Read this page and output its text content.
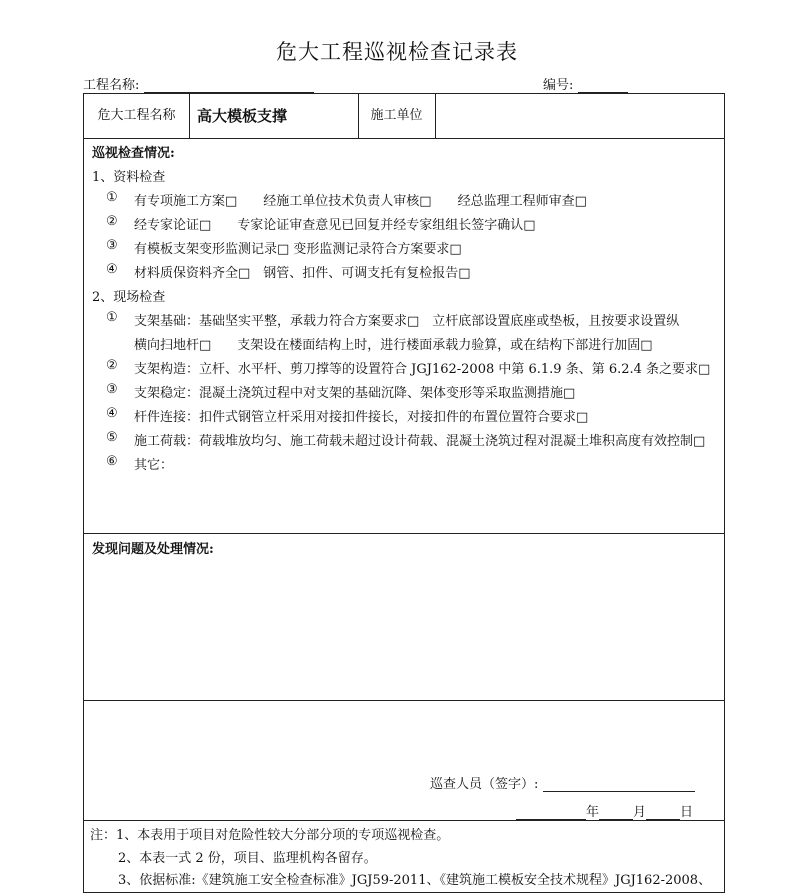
危大工程巡视检查记录表
工程名称:	编号:
危大工程名称	高大模板支撑	施工单位
巡视检查情况:
1、资料检查
① 有专项施工方案□　　经施工单位技术负责人审核□　　经总监理工程师审查□
② 经专家论证□　　专家论证审查意见已回复并经专家组组长签字确认□
③ 有模板支架变形监测记录□ 变形监测记录符合方案要求□
④ 材料质保资料齐全□　钢管、扣件、可调支托有复检报告□
2、现场检查
① 支架基础：基础坚实平整，承载力符合方案要求□　立杆底部设置底座或垫板，且按要求设置纵
横向扫地杆□　　支架设在楼面结构上时，进行楼面承载力验算，或在结构下部进行加固□
② 支架构造：立杆、水平杆、剪刀撑等的设置符合 JGJ162-2008 中第 6.1.9 条、第 6.2.4 条之要求□
③ 支架稳定：混凝土浇筑过程中对支架的基础沉降、架体变形等采取监测措施□
④ 杆件连接：扣件式钢管立杆采用对接扣件接长，对接扣件的布置位置符合要求□
⑤ 施工荷载：荷载堆放均匀、施工荷载未超过设计荷载、混凝土浇筑过程对混凝土堆积高度有效控制□
⑥ 其它：
发现问题及处理情况:
巡查人员（签字）:
年	月	日
注：1、本表用于项目对危险性较大分部分项的专项巡视检查。
2、本表一式 2 份，项目、监理机构各留存。
3、依据标准:《建筑施工安全检查标准》JGJ59-2011、《建筑施工模板安全技术规程》JGJ162-2008、
